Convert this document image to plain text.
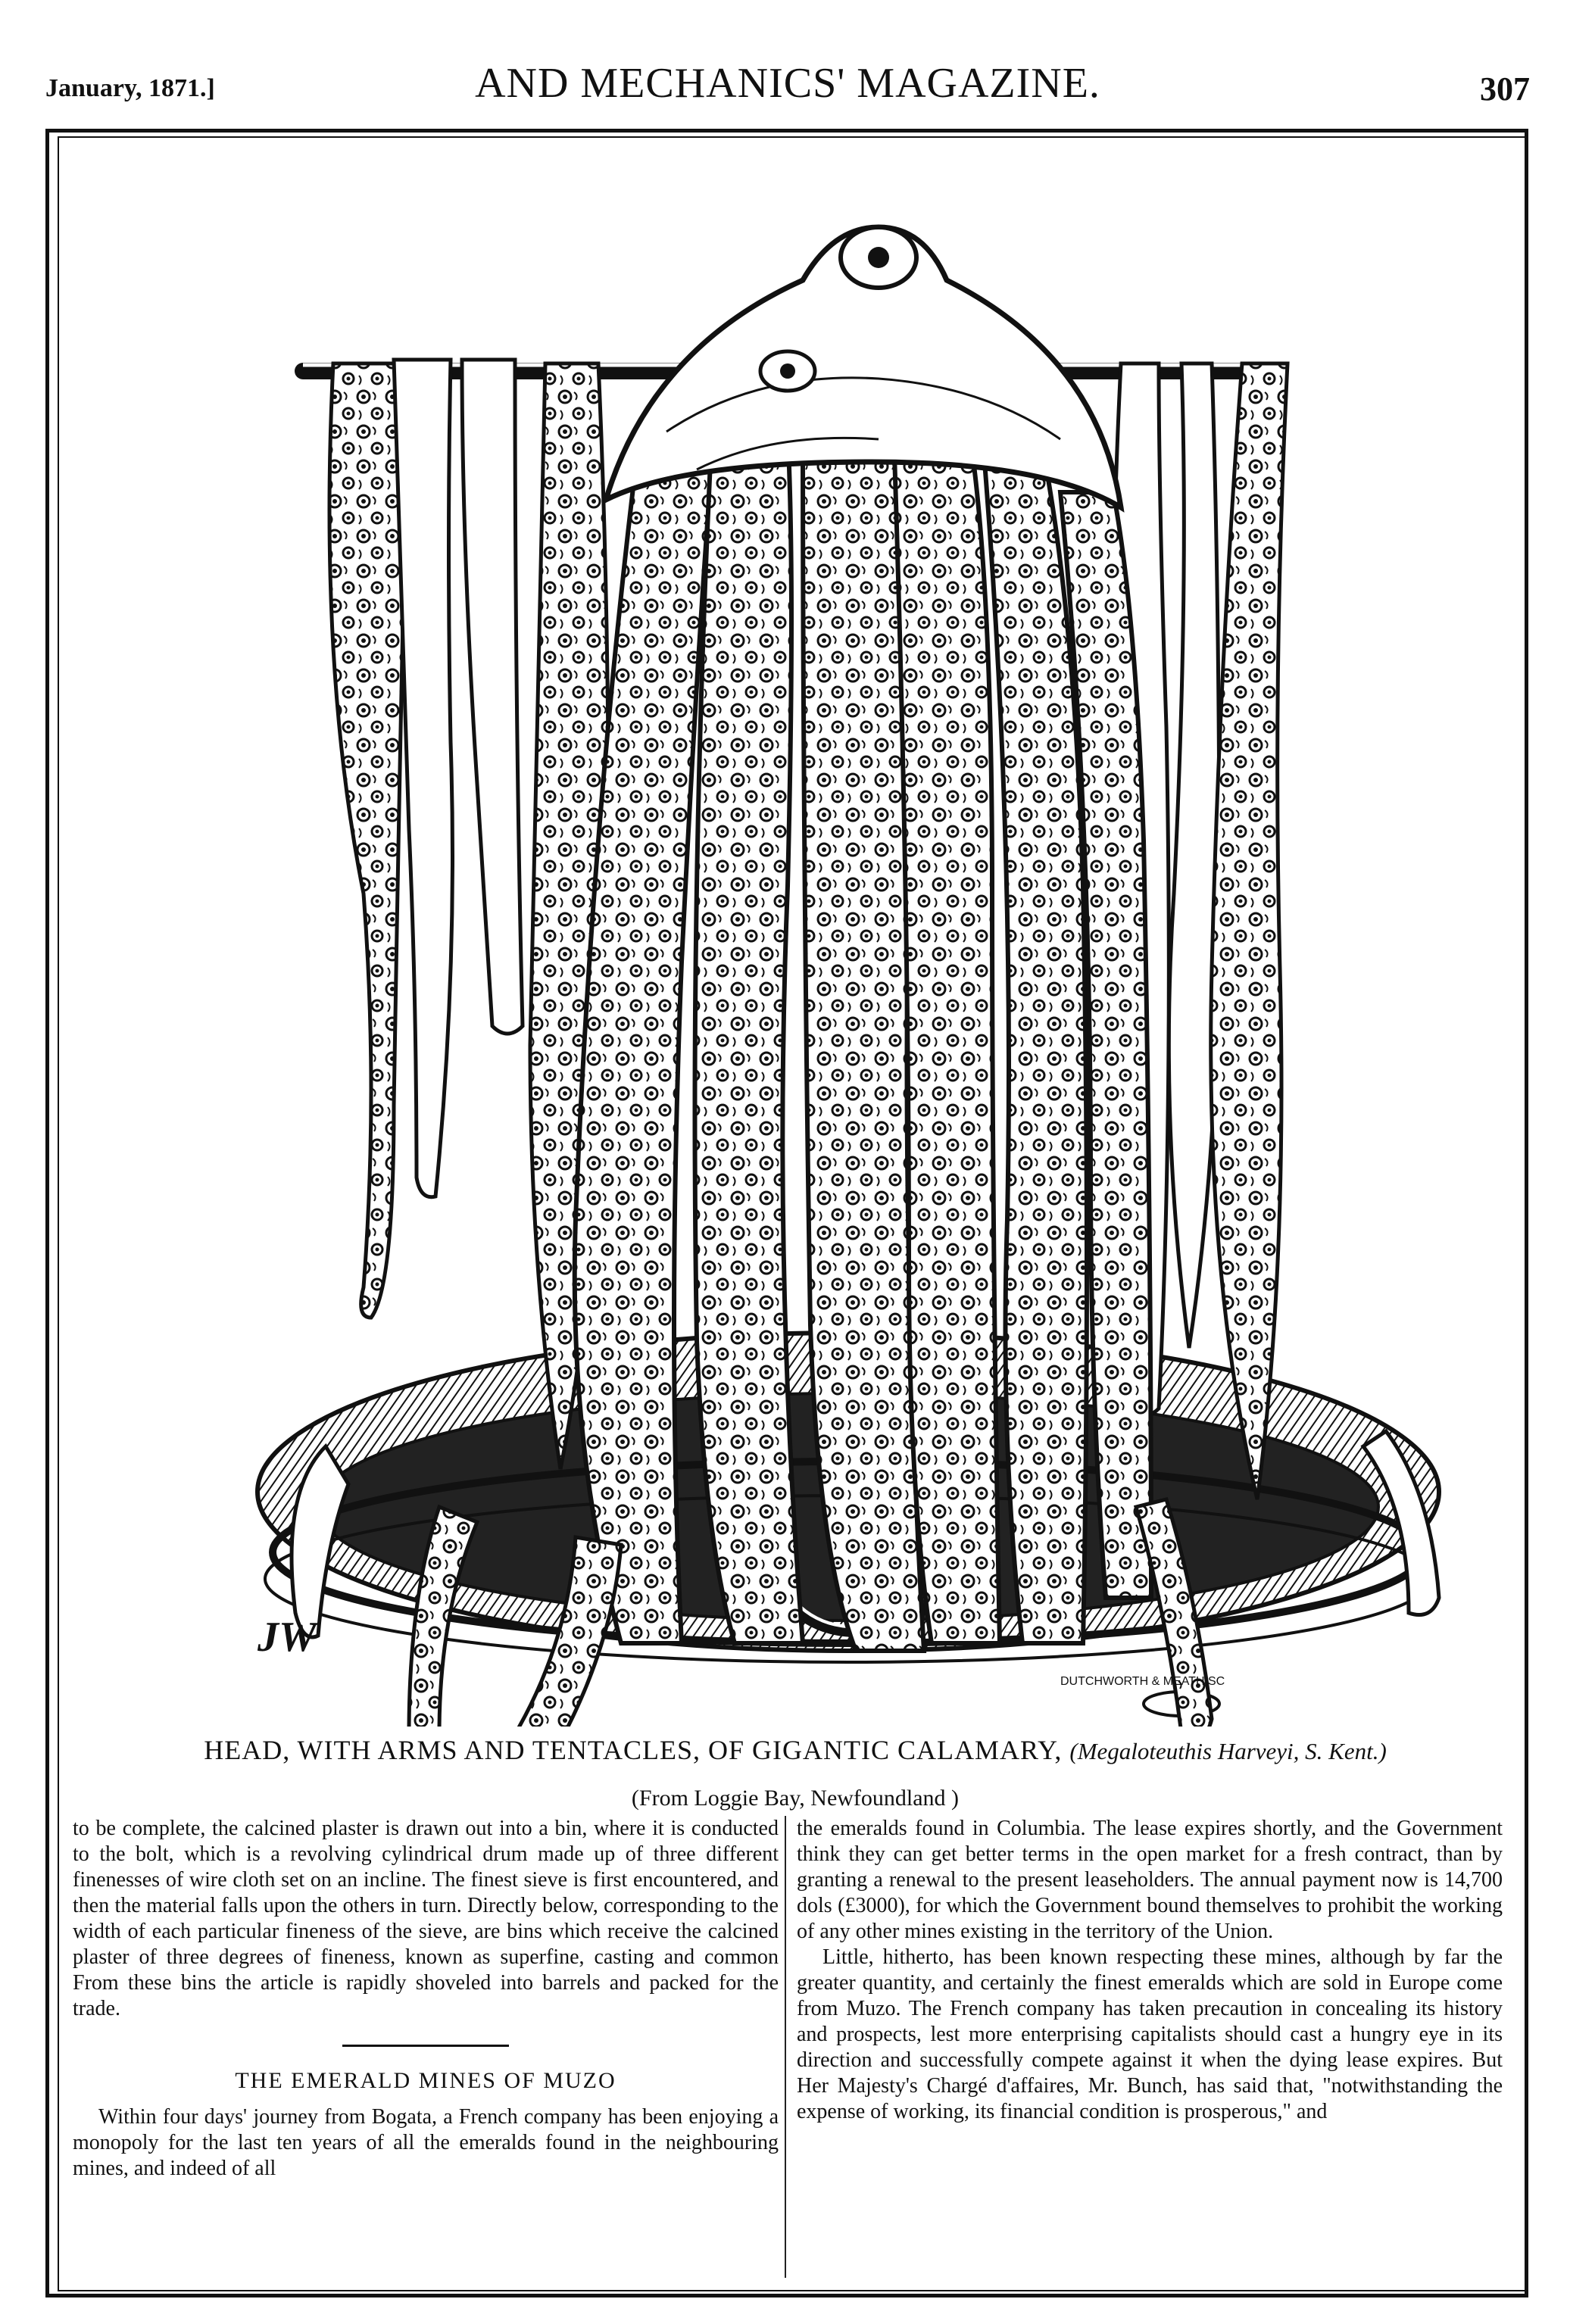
January, 1871.]	AND MECHANICS' MAGAZINE.	307
JW
DUTCHWORTH & MEATH SC
HEAD, WITH ARMS AND TENTACLES, OF GIGANTIC CALAMARY, (Megaloteuthis Harveyi, S. Kent.)
(From Loggie Bay, Newfoundland )

to be complete, the calcined plaster is drawn out into a bin, where it is conducted to the bolt, which is a revolving cylindrical drum made up of three different finenesses of wire cloth set on an incline. The finest sieve is first encountered, and then the material falls upon the others in turn. Directly below, corresponding to the width of each particular fineness of the sieve, are bins which receive the calcined plaster of three degrees of fineness, known as superfine, casting and common From these bins the article is rapidly shoveled into barrels and packed for the trade.

THE EMERALD MINES OF MUZO

Within four days' journey from Bogata, a French company has been enjoying a monopoly for the last ten years of all the emeralds found in the neighbouring mines, and indeed of all

the emeralds found in Columbia. The lease expires shortly, and the Government think they can get better terms in the open market for a fresh contract, than by granting a renewal to the present leaseholders. The annual payment now is 14,700 dols (£3000), for which the Government bound themselves to prohibit the working of any other mines existing in the territory of the Union.

Little, hitherto, has been known respecting these mines, although by far the greater quantity, and certainly the finest emeralds which are sold in Europe come from Muzo. The French company has taken precaution in concealing its history and prospects, lest more enterprising capitalists should cast a hungry eye in its direction and successfully compete against it when the dying lease expires. But Her Majesty's Chargé d'affaires, Mr. Bunch, has said that, "notwithstanding the expense of working, its financial condition is prosperous," and
